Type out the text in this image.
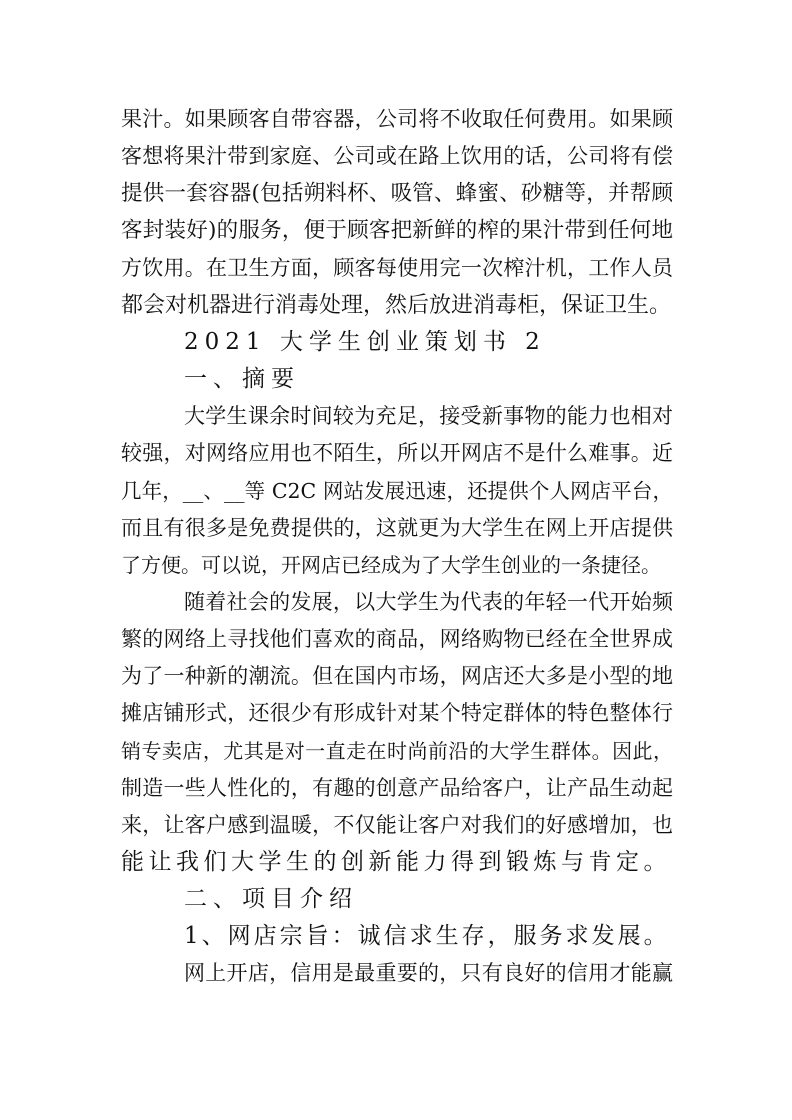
果汁。如果顾客自带容器，公司将不收取任何费用。如果顾
客想将果汁带到家庭、公司或在路上饮用的话，公司将有偿
提供一套容器(包括朔料杯、吸管、蜂蜜、砂糖等，并帮顾
客封装好)的服务，便于顾客把新鲜的榨的果汁带到任何地
方饮用。在卫生方面，顾客每使用完一次榨汁机，工作人员
都会对机器进行消毒处理，然后放进消毒柜，保证卫生。
2021 大学生创业策划书 2
一、摘要
大学生课余时间较为充足，接受新事物的能力也相对
较强，对网络应用也不陌生，所以开网店不是什么难事。近
几年，__、__等 C2C 网站发展迅速，还提供个人网店平台，
而且有很多是免费提供的，这就更为大学生在网上开店提供
了方便。可以说，开网店已经成为了大学生创业的一条捷径。
随着社会的发展，以大学生为代表的年轻一代开始频
繁的网络上寻找他们喜欢的商品，网络购物已经在全世界成
为了一种新的潮流。但在国内市场，网店还大多是小型的地
摊店铺形式，还很少有形成针对某个特定群体的特色整体行
销专卖店，尤其是对一直走在时尚前沿的大学生群体。因此，
制造一些人性化的，有趣的创意产品给客户，让产品生动起
来，让客户感到温暖，不仅能让客户对我们的好感增加，也
能让我们大学生的创新能力得到锻炼与肯定。
二、项目介绍
1、网店宗旨：诚信求生存，服务求发展。
网上开店，信用是最重要的，只有良好的信用才能赢
